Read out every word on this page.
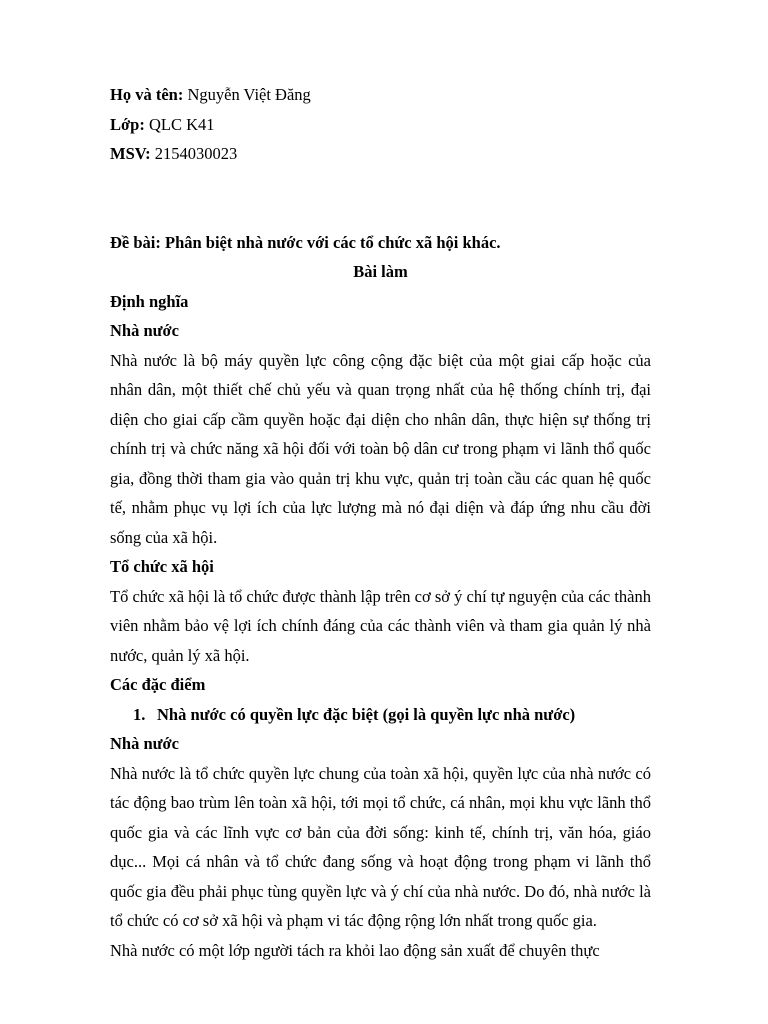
Họ và tên: Nguyễn Việt Đăng

Lớp: QLC K41

MSV: 2154030023

Đề bài: Phân biệt nhà nước với các tổ chức xã hội khác.

Bài làm

Định nghĩa

Nhà nước

Nhà nước là bộ máy quyền lực công cộng đặc biệt của một giai cấp hoặc của nhân dân, một thiết chế chủ yếu và quan trọng nhất của hệ thống chính trị, đại diện cho giai cấp cầm quyền hoặc đại diện cho nhân dân, thực hiện sự thống trị chính trị và chức năng xã hội đối với toàn bộ dân cư trong phạm vi lãnh thổ quốc gia, đồng thời tham gia vào quản trị khu vực, quản trị toàn cầu các quan hệ quốc tế, nhằm phục vụ lợi ích của lực lượng mà nó đại diện và đáp ứng nhu cầu đời sống của xã hội.

Tổ chức xã hội

Tổ chức xã hội là tổ chức được thành lập trên cơ sở ý chí tự nguyện của các thành viên nhằm bảo vệ lợi ích chính đáng của các thành viên và tham gia quản lý nhà nước, quản lý xã hội.

Các đặc điểm

1. Nhà nước có quyền lực đặc biệt (gọi là quyền lực nhà nước)

Nhà nước

Nhà nước là tổ chức quyền lực chung của toàn xã hội, quyền lực của nhà nước có tác động bao trùm lên toàn xã hội, tới mọi tổ chức, cá nhân, mọi khu vực lãnh thổ quốc gia và các lĩnh vực cơ bản của đời sống: kinh tế, chính trị, văn hóa, giáo dục... Mọi cá nhân và tổ chức đang sống và hoạt động trong phạm vi lãnh thổ quốc gia đều phải phục tùng quyền lực và ý chí của nhà nước. Do đó, nhà nước là tổ chức có cơ sở xã hội và phạm vi tác động rộng lớn nhất trong quốc gia.

Nhà nước có một lớp người tách ra khỏi lao động sản xuất để chuyên thực
